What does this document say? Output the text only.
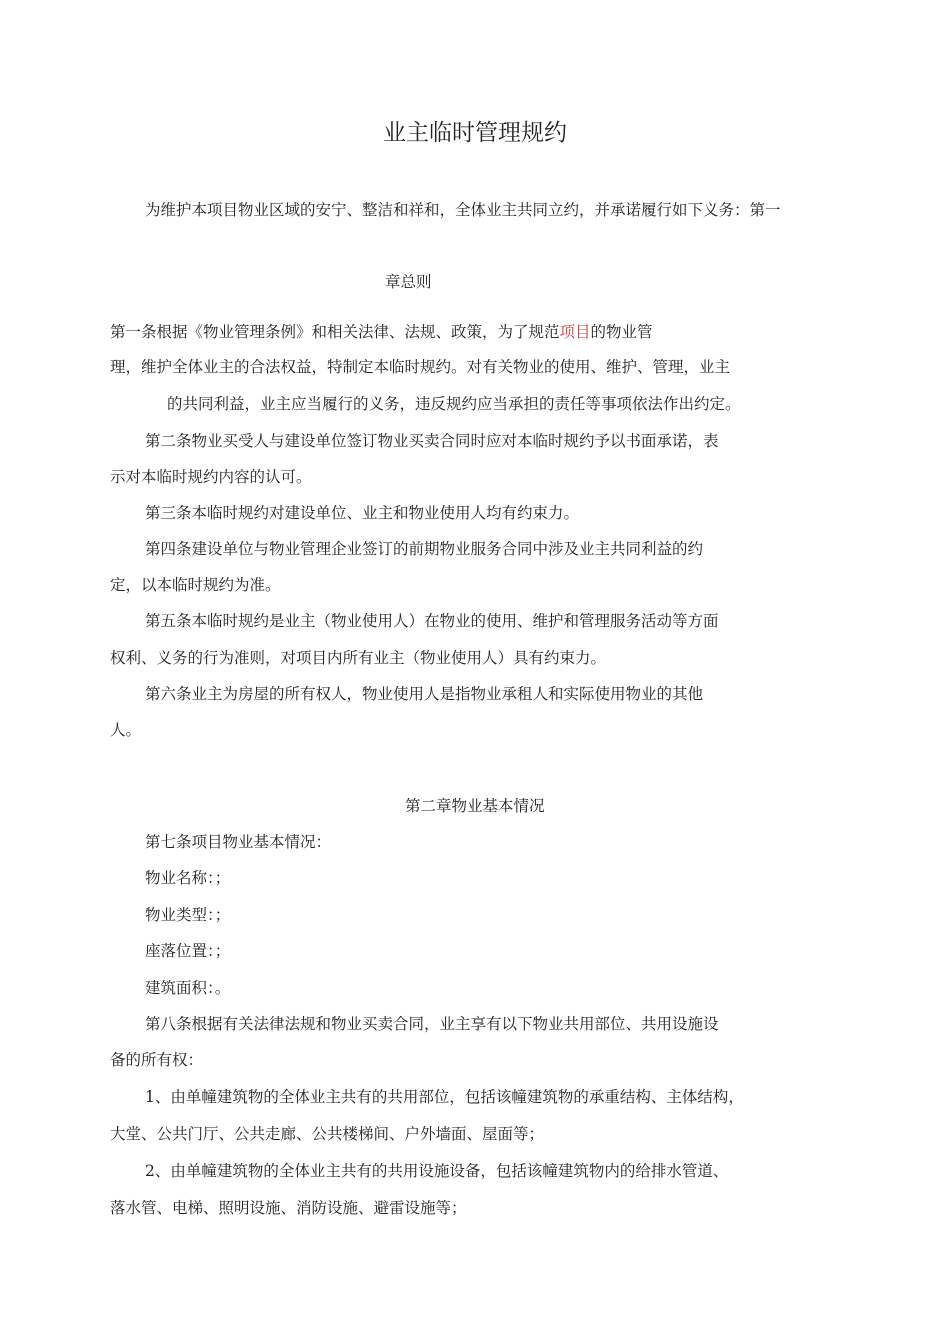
业主临时管理规约
为维护本项目物业区域的安宁、整洁和祥和，全体业主共同立约，并承诺履行如下义务：第一
章总则
第一条根据《物业管理条例》和相关法律、法规、政策，为了规范项目的物业管
理，维护全体业主的合法权益，特制定本临时规约。对有关物业的使用、维护、管理，业主
的共同利益，业主应当履行的义务，违反规约应当承担的责任等事项依法作出约定。
第二条物业买受人与建设单位签订物业买卖合同时应对本临时规约予以书面承诺，表
示对本临时规约内容的认可。
第三条本临时规约对建设单位、业主和物业使用人均有约束力。
第四条建设单位与物业管理企业签订的前期物业服务合同中涉及业主共同利益的约
定，以本临时规约为准。
第五条本临时规约是业主（物业使用人）在物业的使用、维护和管理服务活动等方面
权利、义务的行为准则，对项目内所有业主（物业使用人）具有约束力。
第六条业主为房屋的所有权人，物业使用人是指物业承租人和实际使用物业的其他
人。
第二章物业基本情况
第七条项目物业基本情况：
物业名称：；
物业类型：；
座落位置：；
建筑面积：。
第八条根据有关法律法规和物业买卖合同，业主享有以下物业共用部位、共用设施设
备的所有权：
1、由单幢建筑物的全体业主共有的共用部位，包括该幢建筑物的承重结构、主体结构，
大堂、公共门厅、公共走廊、公共楼梯间、户外墙面、屋面等；
2、由单幢建筑物的全体业主共有的共用设施设备，包括该幢建筑物内的给排水管道、
落水管、电梯、照明设施、消防设施、避雷设施等；
